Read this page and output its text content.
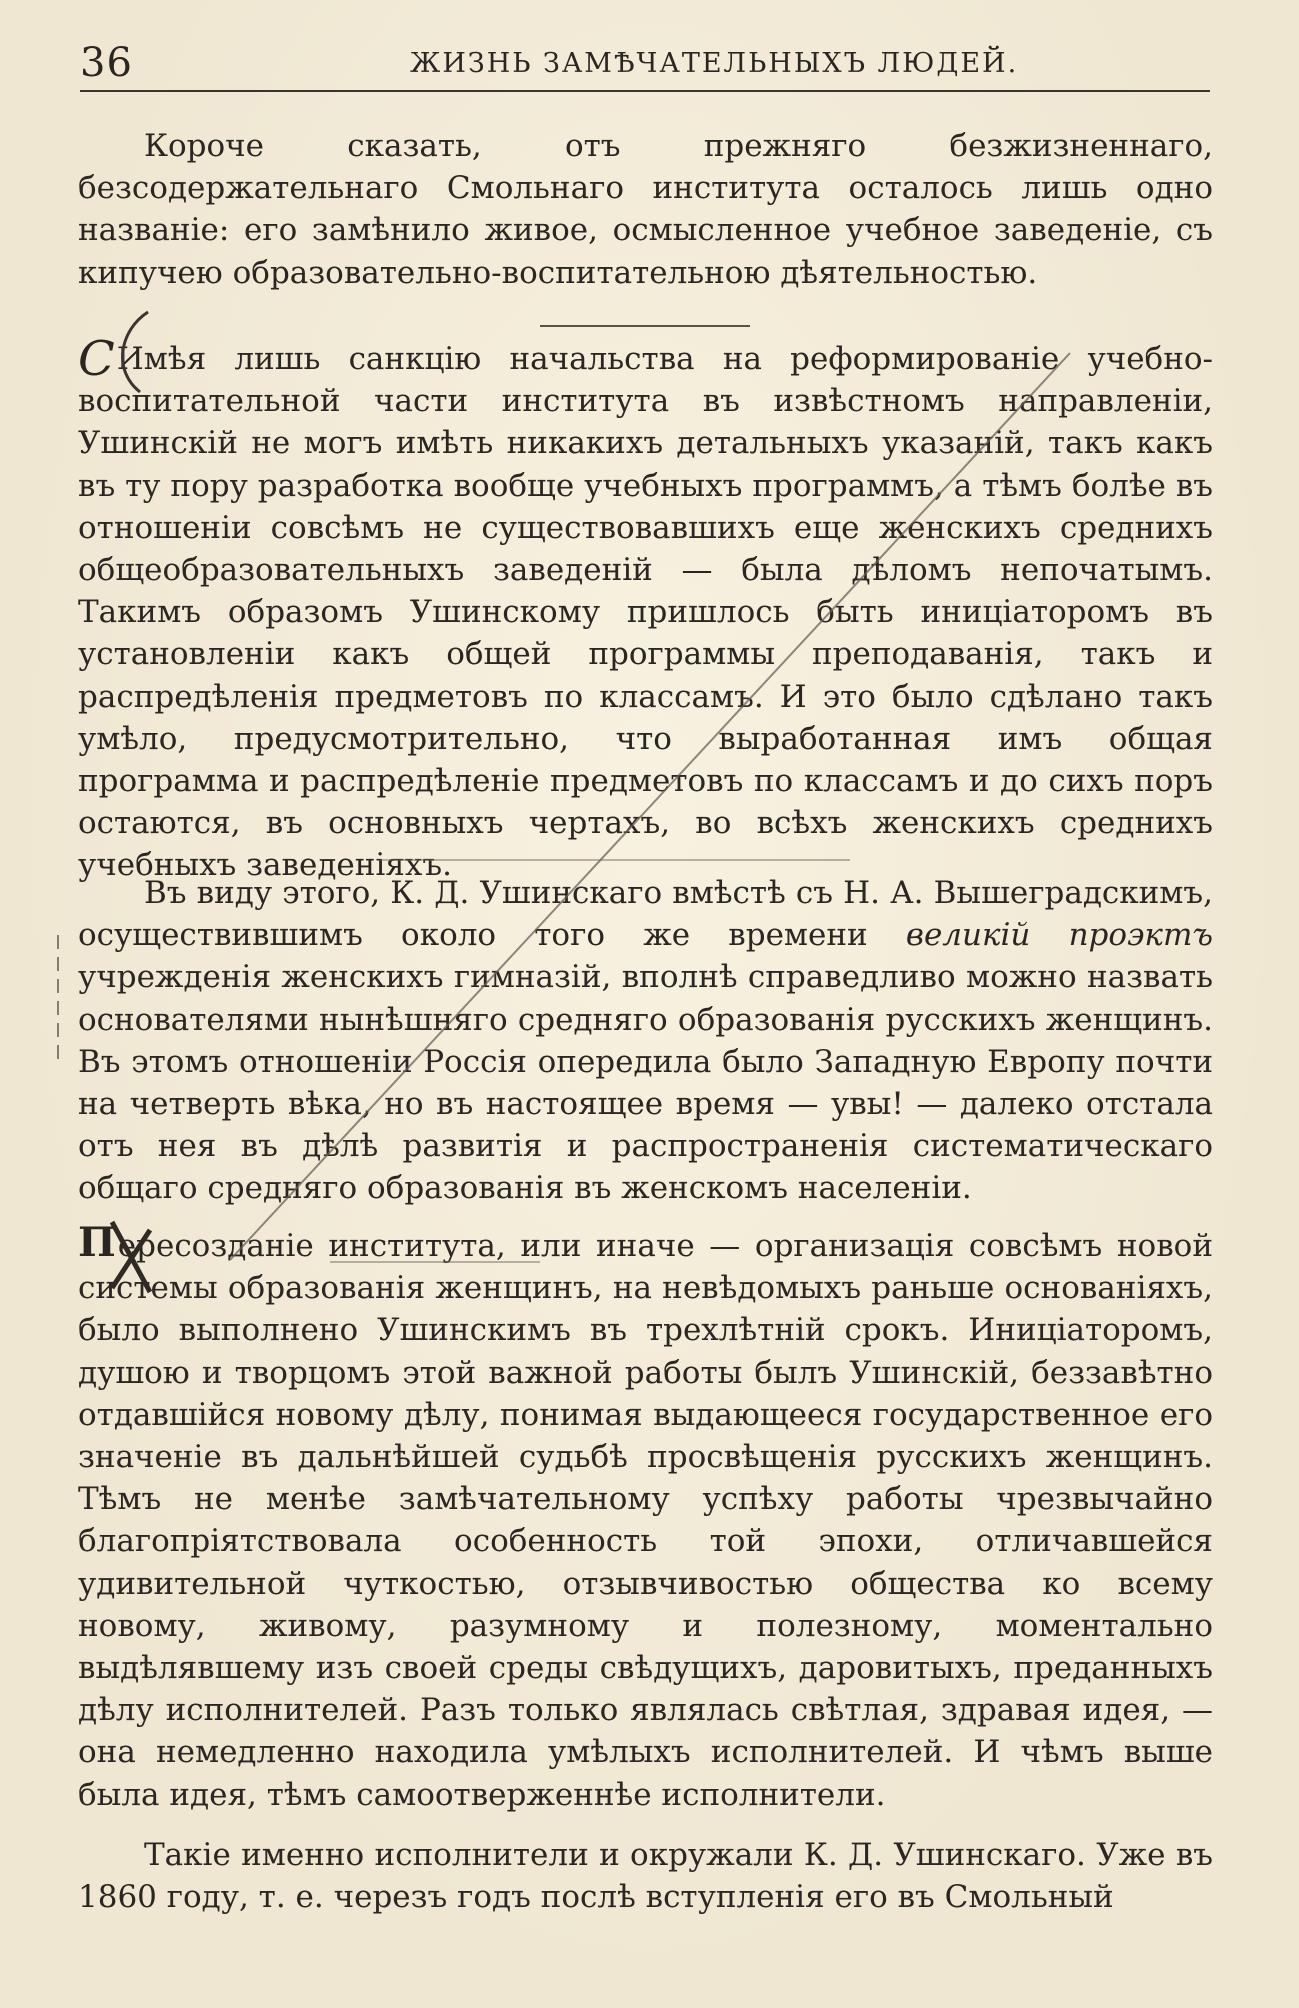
36	ЖИЗНЬ ЗАМѢЧАТЕЛЬНЫХЪ ЛЮДЕЙ.

Короче сказать, отъ прежняго безжизненнаго, безсодержательнаго Смольнаго института осталось лишь одно названіе: его замѣнило живое, осмысленное учебное заведеніе, съ кипучею образовательно-воспитательною дѣятельностью.

СИмѣя лишь санкцію начальства на реформированіе учебно-воспитательной части института въ извѣстномъ направленіи, Ушинскій не могъ имѣть никакихъ детальныхъ указаній, такъ какъ въ ту пору разработка вообще учебныхъ программъ, а тѣмъ болѣе въ отношеніи совсѣмъ не существовавшихъ еще женскихъ среднихъ общеобразовательныхъ заведеній — была дѣломъ непочатымъ. Такимъ образомъ Ушинскому пришлось быть иниціаторомъ въ установленіи какъ общей программы преподаванія, такъ и распредѣленія предметовъ по классамъ. И это было сдѣлано такъ умѣло, предусмотрительно, что выработанная имъ общая программа и распредѣленіе предметовъ по классамъ и до сихъ поръ остаются, въ основныхъ чертахъ, во всѣхъ женскихъ среднихъ учебныхъ заведеніяхъ.

Въ виду этого, К. Д. Ушинскаго вмѣстѣ съ Н. А. Вышеградскимъ, осуществившимъ около того же времени великій проэктъ учрежденія женскихъ гимназій, вполнѣ справедливо можно назвать основателями нынѣшняго средняго образованія русскихъ женщинъ. Въ этомъ отношеніи Россія опередила было Западную Европу почти на четверть вѣка, но въ настоящее время — увы! — далеко отстала отъ нея въ дѣлѣ развитія и распространенія систематическаго общаго средняго образованія въ женскомъ населеніи.

Пересозданіе института, или иначе — организація совсѣмъ новой системы образованія женщинъ, на невѣдомыхъ раньше основаніяхъ, было выполнено Ушинскимъ въ трехлѣтній срокъ. Иниціаторомъ, душою и творцомъ этой важной работы былъ Ушинскій, беззавѣтно отдавшійся новому дѣлу, понимая выдающееся государственное его значеніе въ дальнѣйшей судьбѣ просвѣщенія русскихъ женщинъ. Тѣмъ не менѣе замѣчательному успѣху работы чрезвычайно благопріятствовала особенность той эпохи, отличавшейся удивительной чуткостью, отзывчивостью общества ко всему новому, живому, разумному и полезному, моментально выдѣлявшему изъ своей среды свѣдущихъ, даровитыхъ, преданныхъ дѣлу исполнителей. Разъ только являлась свѣтлая, здравая идея, — она немедленно находила умѣлыхъ исполнителей. И чѣмъ выше была идея, тѣмъ самоотверженнѣе исполнители.

Такіе именно исполнители и окружали К. Д. Ушинскаго. Уже въ 1860 году, т. е. черезъ годъ послѣ вступленія его въ Смольный
